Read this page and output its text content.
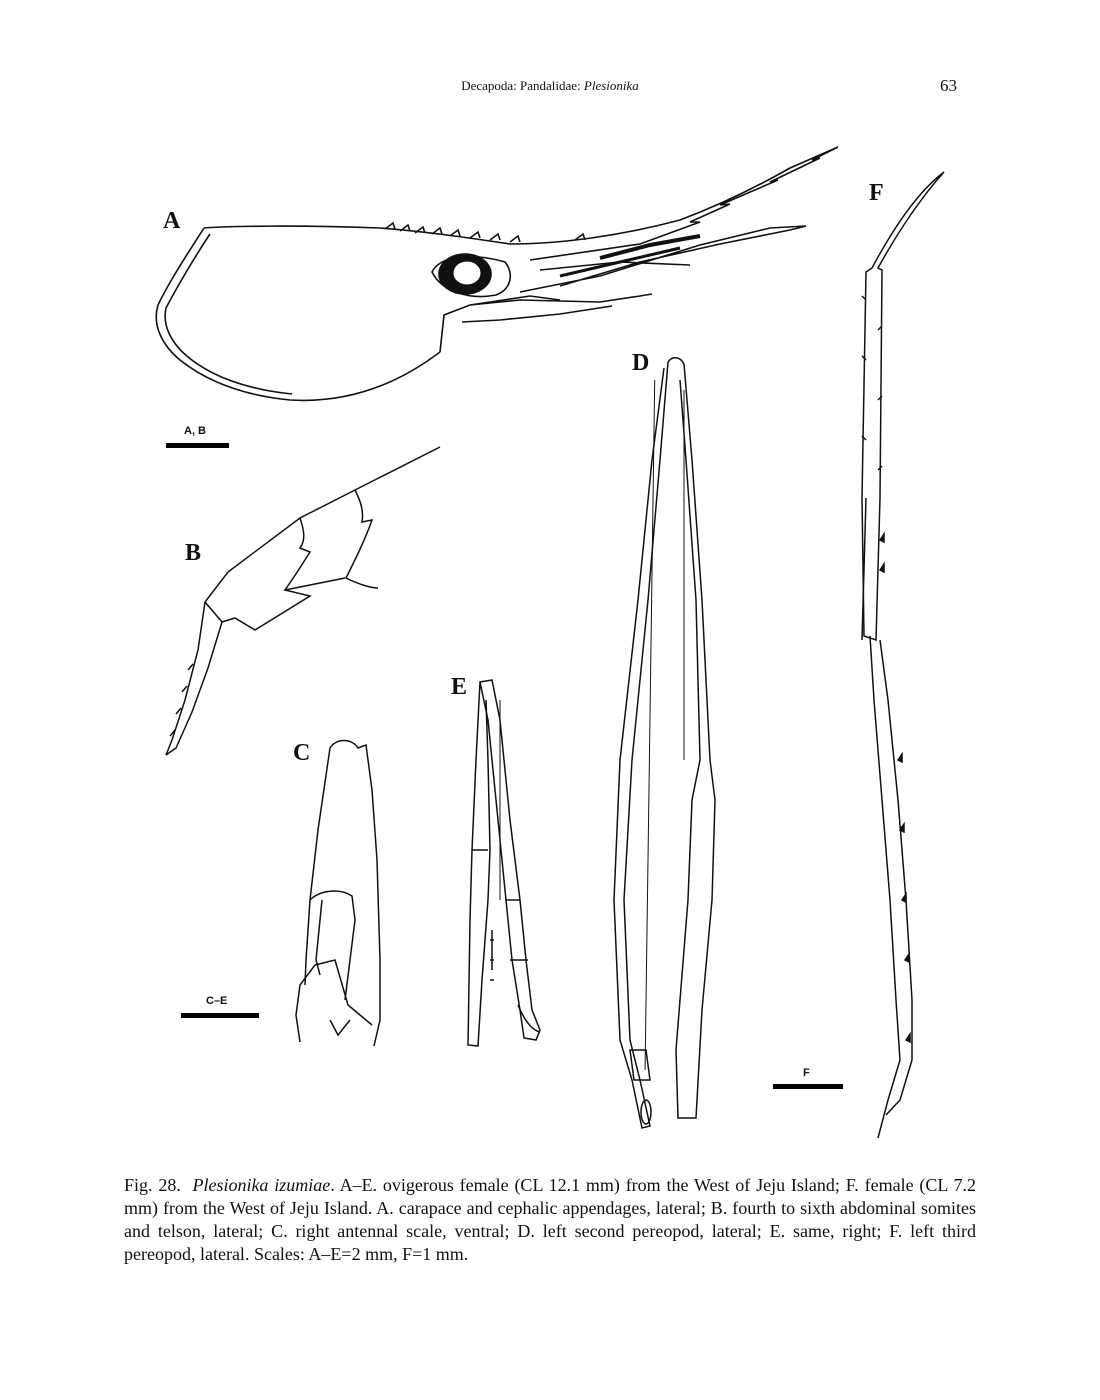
Decapoda: Pandalidae: Plesionika	63
A
B
C
D
E
F
A, B
C–E
F
Fig. 28. Plesionika izumiae. A–E. ovigerous female (CL 12.1 mm) from the West of Jeju Island; F. female (CL 7.2 mm) from the West of Jeju Island. A. carapace and cephalic appendages, lateral; B. fourth to sixth abdominal somites and telson, lateral; C. right antennal scale, ventral; D. left second pereopod, lateral; E. same, right; F. left third pereopod, lateral. Scales: A–E=2 mm, F=1 mm.
